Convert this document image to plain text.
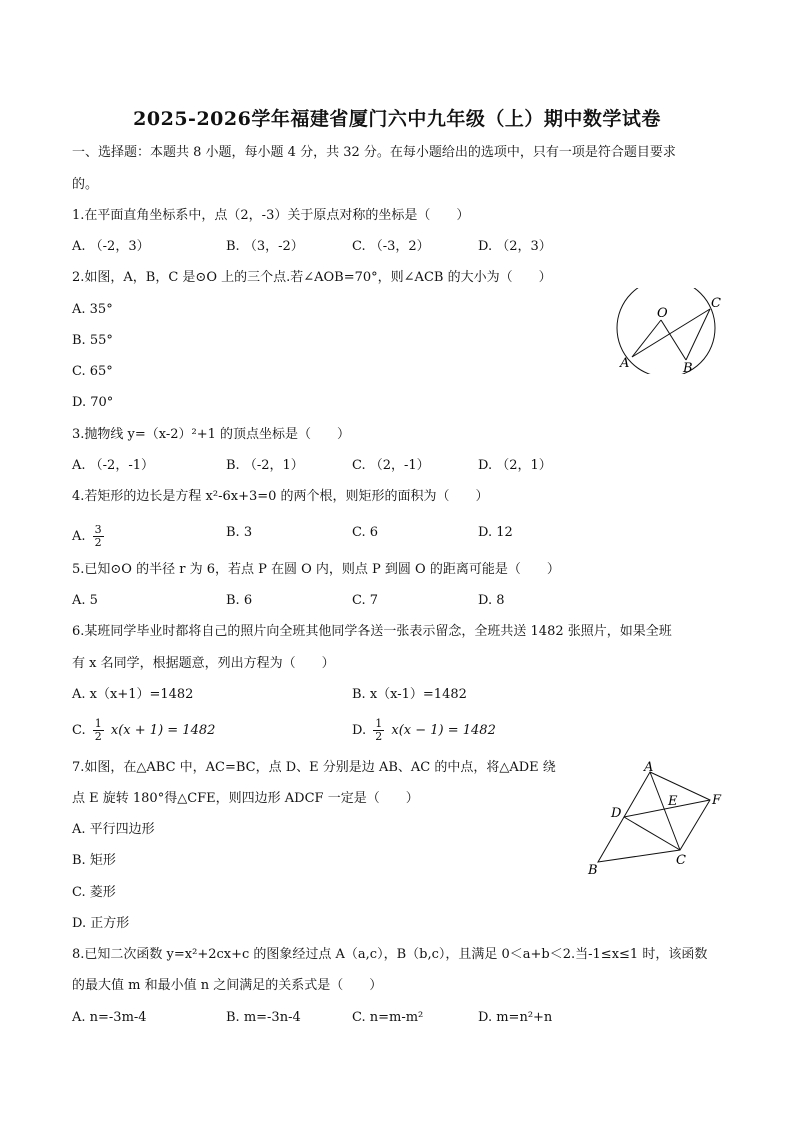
2025-2026学年福建省厦门六中九年级（上）期中数学试卷
一、选择题：本题共 8 小题，每小题 4 分，共 32 分。在每小题给出的选项中，只有一项是符合题目要求
的。
1.在平面直角坐标系中，点（2，-3）关于原点对称的坐标是（　　）
A. （-2，3）	B. （3，-2）	C. （-3，2）	D. （2，3）
2.如图，A，B，C 是⊙O 上的三个点.若∠AOB=70°，则∠ACB 的大小为（　　）
A. 35°
B. 55°
C. 65°
D. 70°
O
C
A	B
3.抛物线 y=（x-2）²+1 的顶点坐标是（　　）
A. （-2，-1）	B. （-2，1）	C. （2，-1）	D. （2，1）
4.若矩形的边长是方程 x²-6x+3=0 的两个根，则矩形的面积为（　　）
A. $\frac{3}{2}$	B. 3	C. 6	D. 12
5.已知⊙O 的半径 r 为 6，若点 P 在圆 O 内，则点 P 到圆 O 的距离可能是（　　）
A. 5	B. 6	C. 7	D. 8
6.某班同学毕业时都将自己的照片向全班其他同学各送一张表示留念，全班共送 1482 张照片，如果全班
有 x 名同学，根据题意，列出方程为（　　）
A. x（x+1）=1482	B. x（x-1）=1482
C. $\frac{1}{2} x(x + 1) = 1482$	D. $\frac{1}{2} x(x - 1) = 1482$
7.如图，在△ABC 中，AC=BC，点 D、E 分别是边 AB、AC 的中点，将△ADE 绕
点 E 旋转 180°得△CFE，则四边形 ADCF 一定是（　　）
A. 平行四边形
B. 矩形
C. 菱形
D. 正方形
A
D
E	F
B
C
8.已知二次函数 y=x²+2cx+c 的图象经过点 A（a,c），B（b,c），且满足 0＜a+b＜2.当-1≤x≤1 时，该函数
的最大值 m 和最小值 n 之间满足的关系式是（　　）
A. n=-3m-4	B. m=-3n-4	C. n=m-m²	D. m=n²+n
